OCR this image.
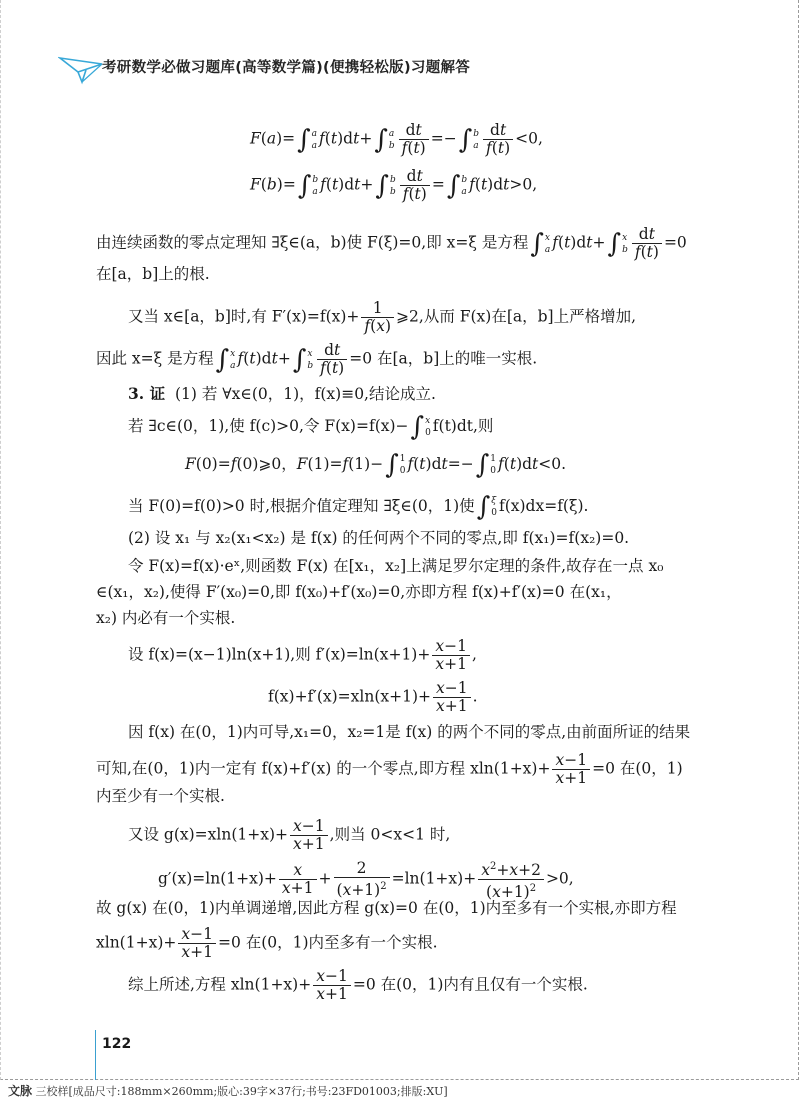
考研数学必做习题库(高等数学篇)(便携轻松版)习题解答
F(a)=∫ a
a f(t)dt+∫ a
b $\frac{dt}{f(t)}$ =−∫ b
a $\frac{dt}{f(t)} <0$,
F(b)=∫ b
a f(t)dt+∫ b
b $\frac{dt}{f(t)}$ =∫ b
a f(t)dt>0,
由连续函数的零点定理知 ∃ξ∈(a，b)使 F(ξ)=0,即 x=ξ 是方程∫ x
a f(t)dt+∫ x
b $\frac{dt}{f(t)} =0$
在[a，b]上的根.
又当 x∈[a，b]时,有 $F'(x)=f(x)+ \frac{1}{f(x)}$ ⩾2,从而 F(x)在[a，b]上严格增加,
因此 x=ξ 是方程∫ x
a f(t)dt+∫ x
b $\frac{dt}{f(t)} =0$ 在[a，b]上的唯一实根.
3. 证 (1) 若 ∀x∈(0，1)，f(x)≡0,结论成立.
若 ∃c∈(0，1),使 f(c)>0,令 F(x)=f(x)−∫ x
0 f(t)dt,则
F(0)=f(0)⩾0，F(1)=f(1)−∫ 1
0 f(t)dt=−∫ 1
0 f(t)dt<0.
当 F(0)=f(0)>0 时,根据介值定理知 ∃ξ∈(0，1)使∫ ξ
0 f(x)dx=f(ξ).
(2) 设 x₁ 与 x₂(x₁<x₂) 是 f(x) 的任何两个不同的零点,即 f(x₁)=f(x₂)=0.
令 F(x)=f(x)·eˣ,则函数 F(x) 在[x₁，x₂]上满足罗尔定理的条件,故存在一点 x₀
∈(x₁，x₂),使得 F′(x₀)=0,即 f(x₀)+f′(x₀)=0,亦即方程 f(x)+f′(x)=0 在(x₁，
x₂) 内必有一个实根.
设 f(x)=(x−1)ln(x+1),则 $f'(x)=\ln(x+1)+ \frac{x-1}{x+1}$ ,
$f(x)+f'(x)=xln(x+1)+ \frac{x-1}{x+1}$ .
因 f(x) 在(0，1)内可导,x₁=0，x₂=1是 f(x) 的两个不同的零点,由前面所证的结果
可知,在(0，1)内一定有 f(x)+f′(x) 的一个零点,即方程 $xln(1+x)+ \frac{x-1}{x+1} =0$ 在(0，1)
内至少有一个实根.
又设 $g(x)=xln(1+x)+ \frac{x-1}{x+1}$ ,则当 0<x<1 时,
$g'(x)=\ln(1+x)+ \frac{x}{x+1} + \frac{2}{(x+1)^2} =\ln(1+x)+ \frac{x^2+x+2}{(x+1)^2} >0$,
故 g(x) 在(0，1)内单调递增,因此方程 g(x)=0 在(0，1)内至多有一个实根,亦即方程
$xln(1+x)+ \frac{x-1}{x+1} =0$ 在(0，1)内至多有一个实根.
综上所述,方程 $xln(1+x)+ \frac{x-1}{x+1} =0$ 在(0，1)内有且仅有一个实根.
122
文脉 三校样[成品尺寸:188mm×260mm;版心:39字×37行;书号:23FD01003;排版:XU]
